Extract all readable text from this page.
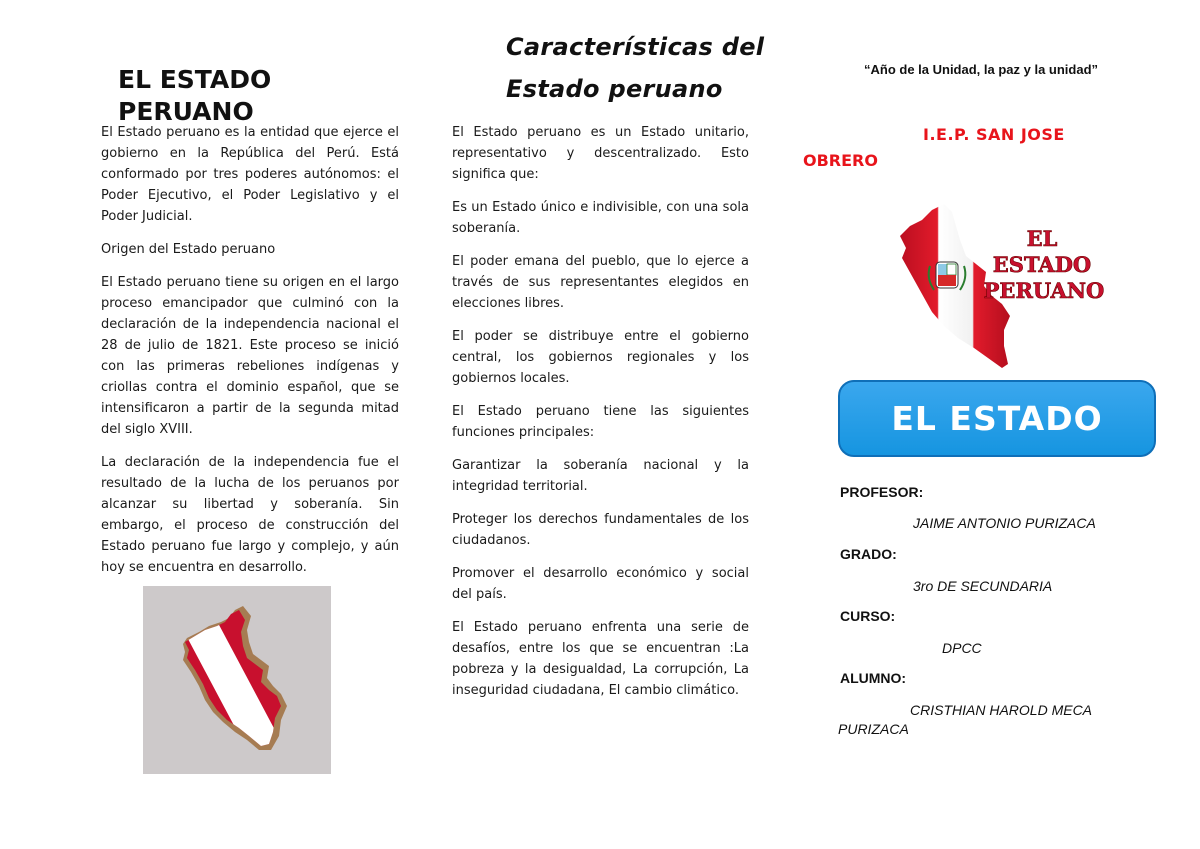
EL ESTADO PERUANO

El Estado peruano es la entidad que ejerce el gobierno en la República del Perú. Está conformado por tres poderes autónomos: el Poder Ejecutivo, el Poder Legislativo y el Poder Judicial.

Origen del Estado peruano

El Estado peruano tiene su origen en el largo proceso emancipador que culminó con la declaración de la independencia nacional el 28 de julio de 1821. Este proceso se inició con las primeras rebeliones indígenas y criollas contra el dominio español, que se intensificaron a partir de la segunda mitad del siglo XVIII.

La declaración de la independencia fue el resultado de la lucha de los peruanos por alcanzar su libertad y soberanía. Sin embargo, el proceso de construcción del Estado peruano fue largo y complejo, y aún hoy se encuentra en desarrollo.

Características del Estado peruano

El Estado peruano es un Estado unitario, representativo y descentralizado. Esto significa que:

Es un Estado único e indivisible, con una sola soberanía.

El poder emana del pueblo, que lo ejerce a través de sus representantes elegidos en elecciones libres.

El poder se distribuye entre el gobierno central, los gobiernos regionales y los gobiernos locales.

El Estado peruano tiene las siguientes funciones principales:

Garantizar la soberanía nacional y la integridad territorial.

Proteger los derechos fundamentales de los ciudadanos.

Promover el desarrollo económico y social del país.

El Estado peruano enfrenta una serie de desafíos, entre los que se encuentran :La pobreza y la desigualdad, La corrupción, La inseguridad ciudadana, El cambio climático.

“Año de la Unidad, la paz y la unidad”
I.E.P. SAN JOSE
OBRERO
EL
ESTADO
PERUANO
EL ESTADO
PROFESOR:
JAIME ANTONIO PURIZACA
GRADO:
3ro DE SECUNDARIA
CURSO:
DPCC
ALUMNO:
CRISTHIAN HAROLD MECA
PURIZACA
